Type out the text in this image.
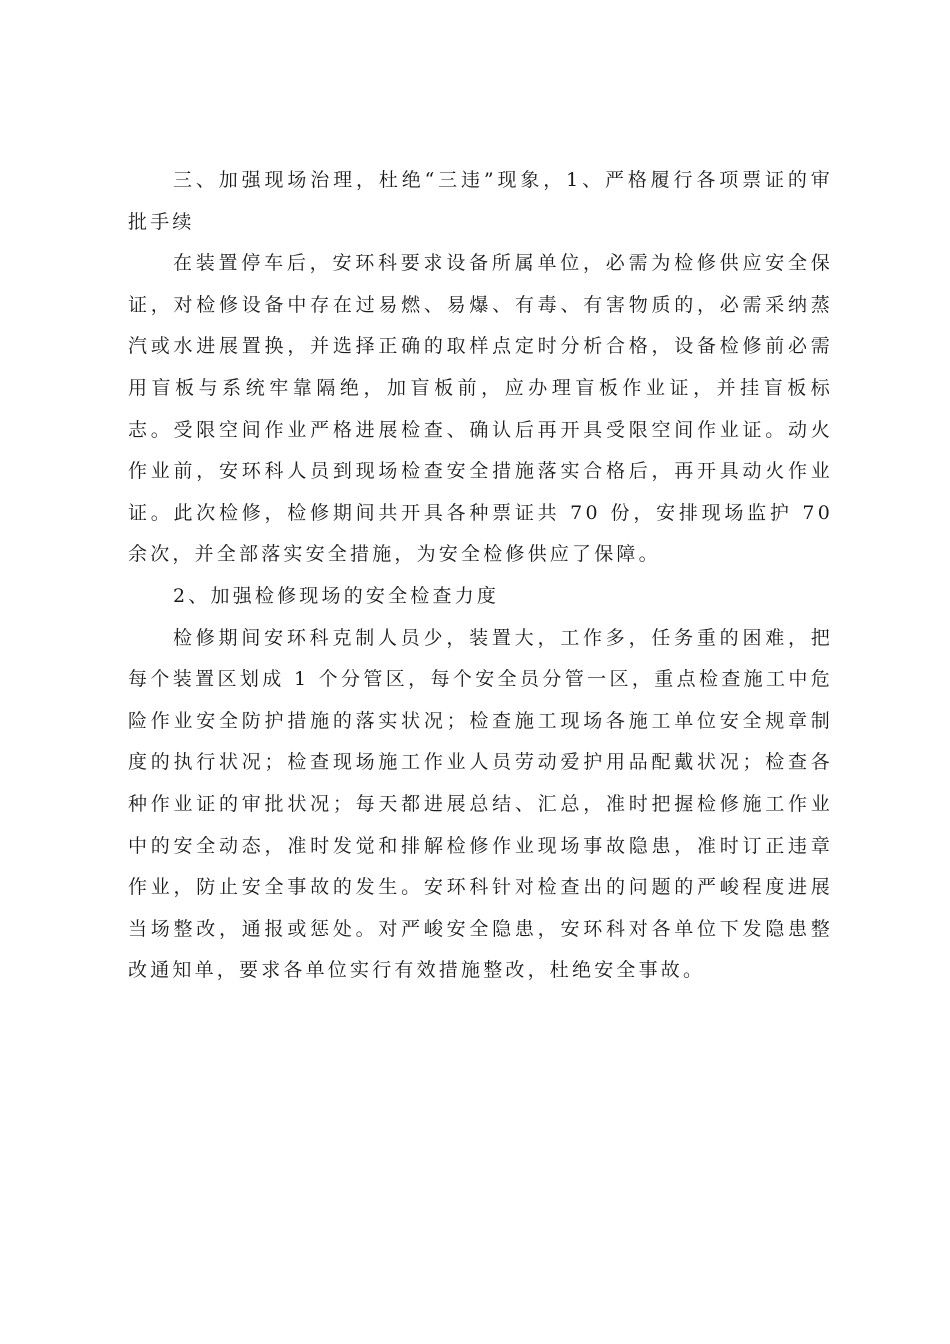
三、加强现场治理，杜绝“三违”现象，1、严格履行各项票证的审批手续

在装置停车后，安环科要求设备所属单位，必需为检修供应安全保证，对检修设备中存在过易燃、易爆、有毒、有害物质的，必需采纳蒸汽或水进展置换，并选择正确的取样点定时分析合格，设备检修前必需用盲板与系统牢靠隔绝，加盲板前，应办理盲板作业证，并挂盲板标志。受限空间作业严格进展检查、确认后再开具受限空间作业证。动火作业前，安环科人员到现场检查安全措施落实合格后，再开具动火作业证。此次检修，检修期间共开具各种票证共 70 份，安排现场监护 70 余次，并全部落实安全措施，为安全检修供应了保障。

2、加强检修现场的安全检查力度

检修期间安环科克制人员少，装置大，工作多，任务重的困难，把每个装置区划成 1 个分管区，每个安全员分管一区，重点检查施工中危险作业安全防护措施的落实状况；检查施工现场各施工单位安全规章制度的执行状况；检查现场施工作业人员劳动爱护用品配戴状况；检查各种作业证的审批状况；每天都进展总结、汇总，准时把握检修施工作业中的安全动态，准时发觉和排解检修作业现场事故隐患，准时订正违章作业，防止安全事故的发生。安环科针对检查出的问题的严峻程度进展当场整改，通报或惩处。对严峻安全隐患，安环科对各单位下发隐患整改通知单，要求各单位实行有效措施整改，杜绝安全事故。
